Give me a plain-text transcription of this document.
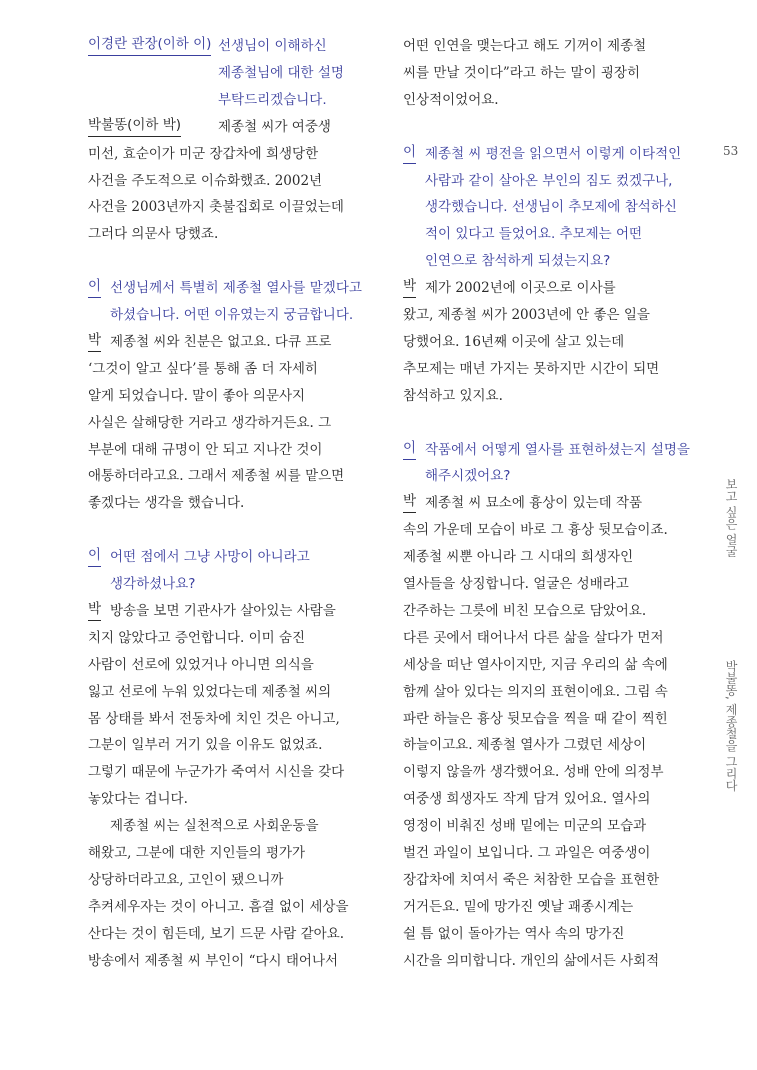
이경란 관장(이하 이) 선생님이 이해하신
제종철님에 대한 설명
부탁드리겠습니다.
박불똥(이하 박)	제종철 씨가 여중생
미선, 효순이가 미군 장갑차에 희생당한
사건을 주도적으로 이슈화했죠. 2002년
사건을 2003년까지 촛불집회로 이끌었는데
그러다 의문사 당했죠.
이 선생님께서 특별히 제종철 열사를 맡겠다고
하셨습니다. 어떤 이유였는지 궁금합니다.
박 제종철 씨와 친분은 없고요. 다큐 프로
‘그것이 알고 싶다’를 통해 좀 더 자세히
알게 되었습니다. 말이 좋아 의문사지
사실은 살해당한 거라고 생각하거든요. 그
부분에 대해 규명이 안 되고 지나간 것이
애통하더라고요. 그래서 제종철 씨를 맡으면
좋겠다는 생각을 했습니다.
이 어떤 점에서 그냥 사망이 아니라고
생각하셨나요?
박 방송을 보면 기관사가 살아있는 사람을
치지 않았다고 증언합니다. 이미 숨진
사람이 선로에 있었거나 아니면 의식을
잃고 선로에 누워 있었다는데 제종철 씨의
몸 상태를 봐서 전동차에 치인 것은 아니고,
그분이 일부러 거기 있을 이유도 없었죠.
그렇기 때문에 누군가가 죽여서 시신을 갖다
놓았다는 겁니다.
제종철 씨는 실천적으로 사회운동을
해왔고, 그분에 대한 지인들의 평가가
상당하더라고요, 고인이 됐으니까
추켜세우자는 것이 아니고. 흠결 없이 세상을
산다는 것이 힘든데, 보기 드문 사람 같아요.
방송에서 제종철 씨 부인이 “다시 태어나서
어떤 인연을 맺는다고 해도 기꺼이 제종철
씨를 만날 것이다”라고 하는 말이 굉장히
인상적이었어요.
이 제종철 씨 평전을 읽으면서 이렇게 이타적인
사람과 같이 살아온 부인의 짐도 컸겠구나,
생각했습니다. 선생님이 추모제에 참석하신
적이 있다고 들었어요. 추모제는 어떤
인연으로 참석하게 되셨는지요?
박 제가 2002년에 이곳으로 이사를
왔고, 제종철 씨가 2003년에 안 좋은 일을
당했어요. 16년째 이곳에 살고 있는데
추모제는 매년 가지는 못하지만 시간이 되면
참석하고 있지요.
이 작품에서 어떻게 열사를 표현하셨는지 설명을
해주시겠어요?
박 제종철 씨 묘소에 흉상이 있는데 작품
속의 가운데 모습이 바로 그 흉상 뒷모습이죠.
제종철 씨뿐 아니라 그 시대의 희생자인
열사들을 상징합니다. 얼굴은 성배라고
간주하는 그릇에 비친 모습으로 담았어요.
다른 곳에서 태어나서 다른 삶을 살다가 먼저
세상을 떠난 열사이지만, 지금 우리의 삶 속에
함께 살아 있다는 의지의 표현이에요. 그림 속
파란 하늘은 흉상 뒷모습을 찍을 때 같이 찍힌
하늘이고요. 제종철 열사가 그렸던 세상이
이렇지 않을까 생각했어요. 성배 안에 의정부
여중생 희생자도 작게 담겨 있어요. 열사의
영정이 비춰진 성배 밑에는 미군의 모습과
벌건 과일이 보입니다. 그 과일은 여중생이
장갑차에 치여서 죽은 처참한 모습을 표현한
거거든요. 밑에 망가진 옛날 괘종시계는
쉴 틈 없이 돌아가는 역사 속의 망가진
시간을 의미합니다. 개인의 삶에서든 사회적
53
보고 싶은 얼굴
박불똥, 제종철을 그리다
